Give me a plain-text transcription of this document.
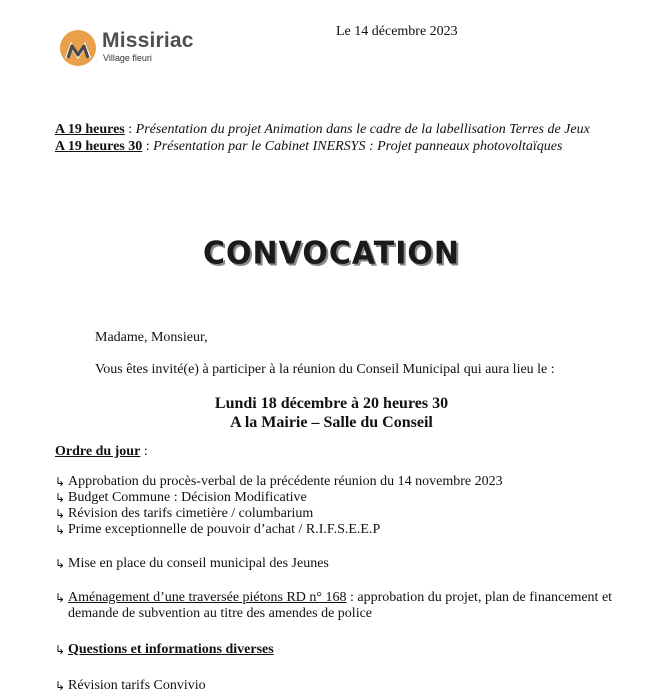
Missiriac
Village fleuri
Le 14 décembre 2023

A 19 heures : Présentation du projet Animation dans le cadre de la labellisation Terres de Jeux

A 19 heures 30 : Présentation par le Cabinet INERSYS : Projet panneaux photovoltaïques

CONVOCATION
Madame, Monsieur,
Vous êtes invité(e) à participer à la réunion du Conseil Municipal qui aura lieu le :
Lundi 18 décembre à 20 heures 30
A la Mairie – Salle du Conseil
Ordre du jour :
↳ Approbation du procès-verbal de la précédente réunion du 14 novembre 2023
↳ Budget Commune : Décision Modificative
↳ Révision des tarifs cimetière / columbarium
↳ Prime exceptionnelle de pouvoir d’achat / R.I.F.S.E.E.P
↳ Mise en place du conseil municipal des Jeunes
↳ Aménagement d’une traversée piétons RD n° 168 : approbation du projet, plan de financement et demande de subvention au titre des amendes de police
↳ Questions et informations diverses
↳ Révision tarifs Convivio
